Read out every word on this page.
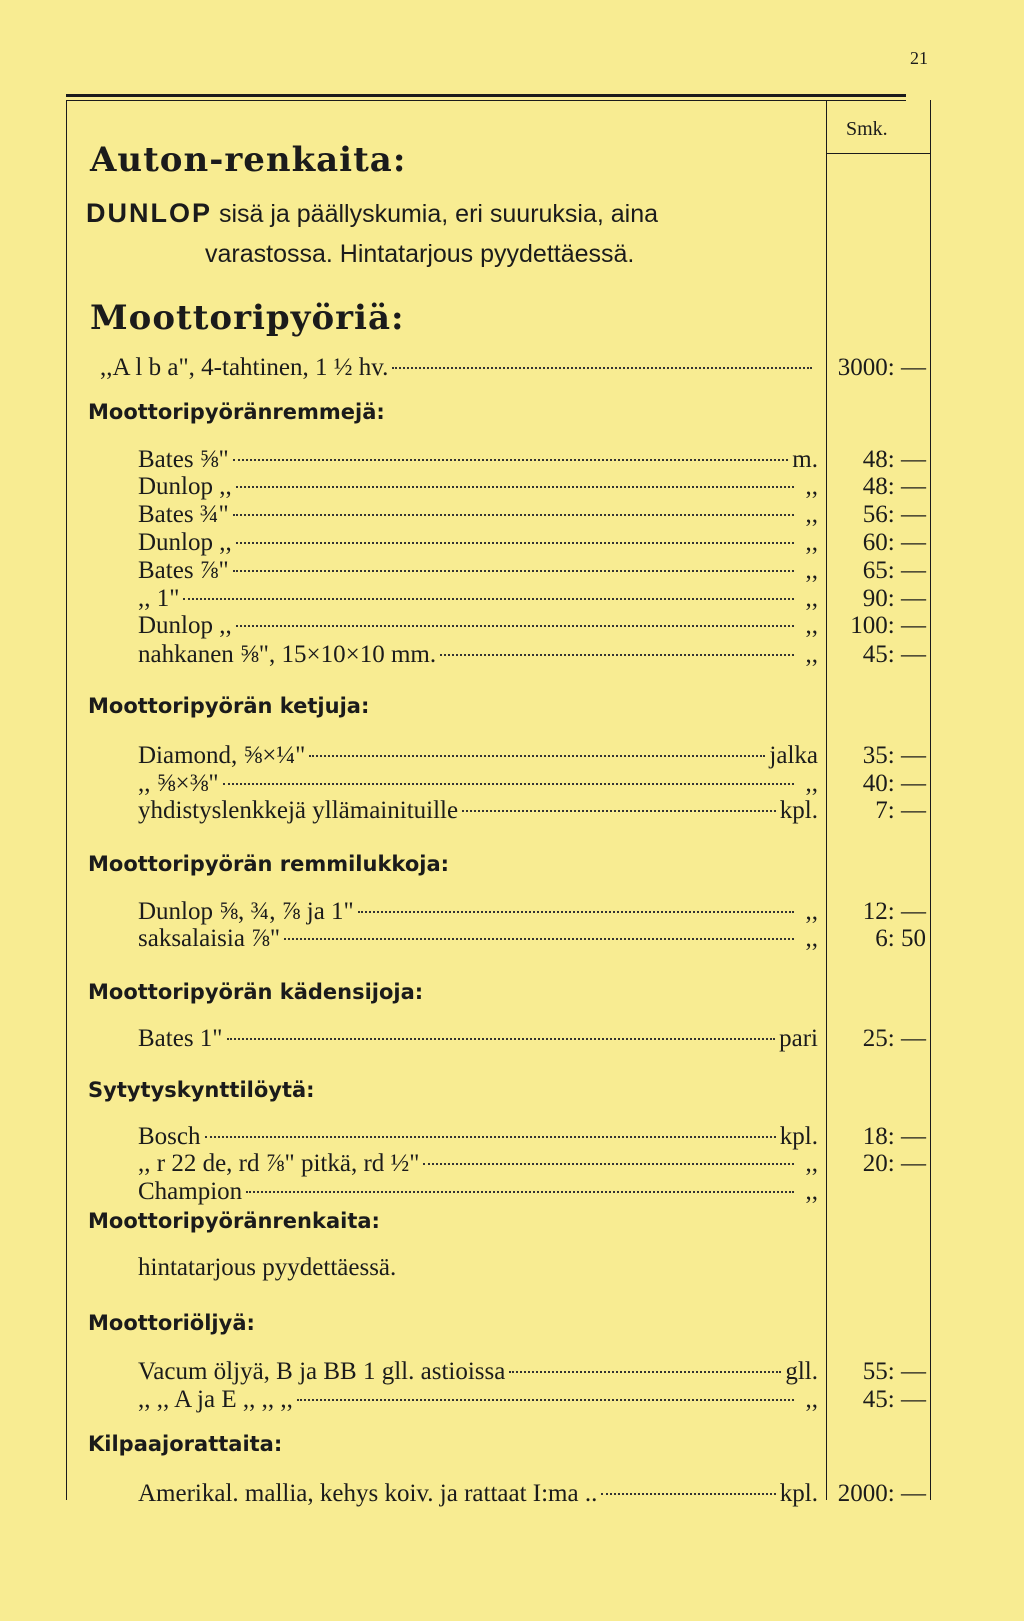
21
Smk.
Auton-renkaita:
DUNLOP sisä ja päällyskumia, eri suuruksia, aina
varastossa. Hintatarjous pyydettäessä.
Moottoripyöriä:
,,A l b a", 4-tahtinen, 1 ½ hv.	3000: —
Moottoripyöränremmejä:
Bates ⅝"	m.	48: —
Dunlop ,,	,,	48: —
Bates ¾"	,,	56: —
Dunlop ,,	,,	60: —
Bates ⅞"	,,	65: —
,, 1"	,,	90: —
Dunlop ,,	,,	100: —
nahkanen ⅝", 15×10×10 mm.	,,	45: —
Moottoripyörän ketjuja:
Diamond, ⅝×¼"	jalka	35: —
,, ⅝×⅜"	,,	40: —
yhdistyslenkkejä yllämainituille	kpl.	7: —
Moottoripyörän remmilukkoja:
Dunlop ⅝, ¾, ⅞ ja 1"	,,	12: —
saksalaisia ⅞"	,,	6: 50
Moottoripyörän kädensijoja:
Bates 1"	pari	25: —
Sytytyskynttilöytä:
Bosch	kpl.	18: —
,, r 22 de, rd ⅞" pitkä, rd ½"	,,	20: —
Champion	,,
Moottoripyöränrenkaita:
Moottoriöljyä:
Vacum öljyä, B ja BB 1 gll. astioissa	gll.	55: —
,, ,, A ja E ,, ,, ,,	,,	45: —
Kilpaajorattaita:
Amerikal. mallia, kehys koiv. ja rattaat I:ma ..	kpl. 2000: —
hintatarjous pyydettäessä.
